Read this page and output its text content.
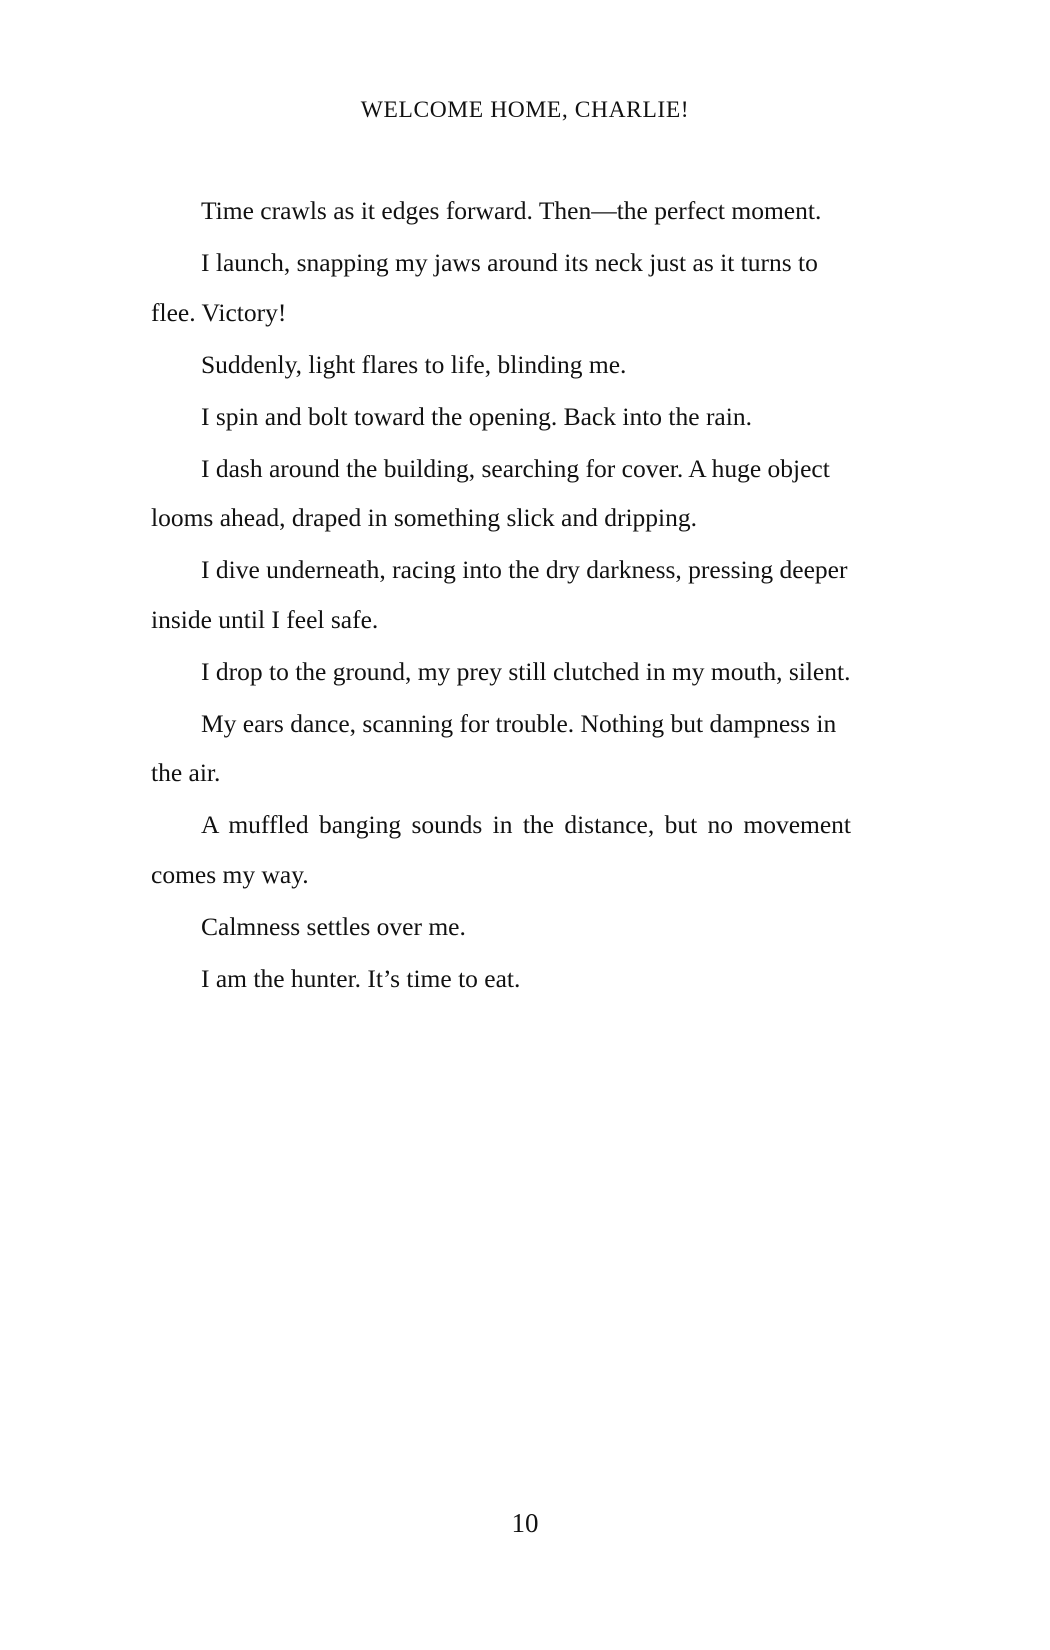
WELCOME HOME, CHARLIE!

Time crawls as it edges forward. Then—the perfect moment.

I launch, snapping my jaws around its neck just as it turns to flee. Victory!

Suddenly, light flares to life, blinding me.

I spin and bolt toward the opening. Back into the rain.

I dash around the building, searching for cover. A huge object looms ahead, draped in something slick and dripping.

I dive underneath, racing into the dry darkness, pressing deeper inside until I feel safe.

I drop to the ground, my prey still clutched in my mouth, silent.

My ears dance, scanning for trouble. Nothing but dampness in the air.

A muffled banging sounds in the distance, but no movement comes my way.

Calmness settles over me.

I am the hunter. It’s time to eat.

10
